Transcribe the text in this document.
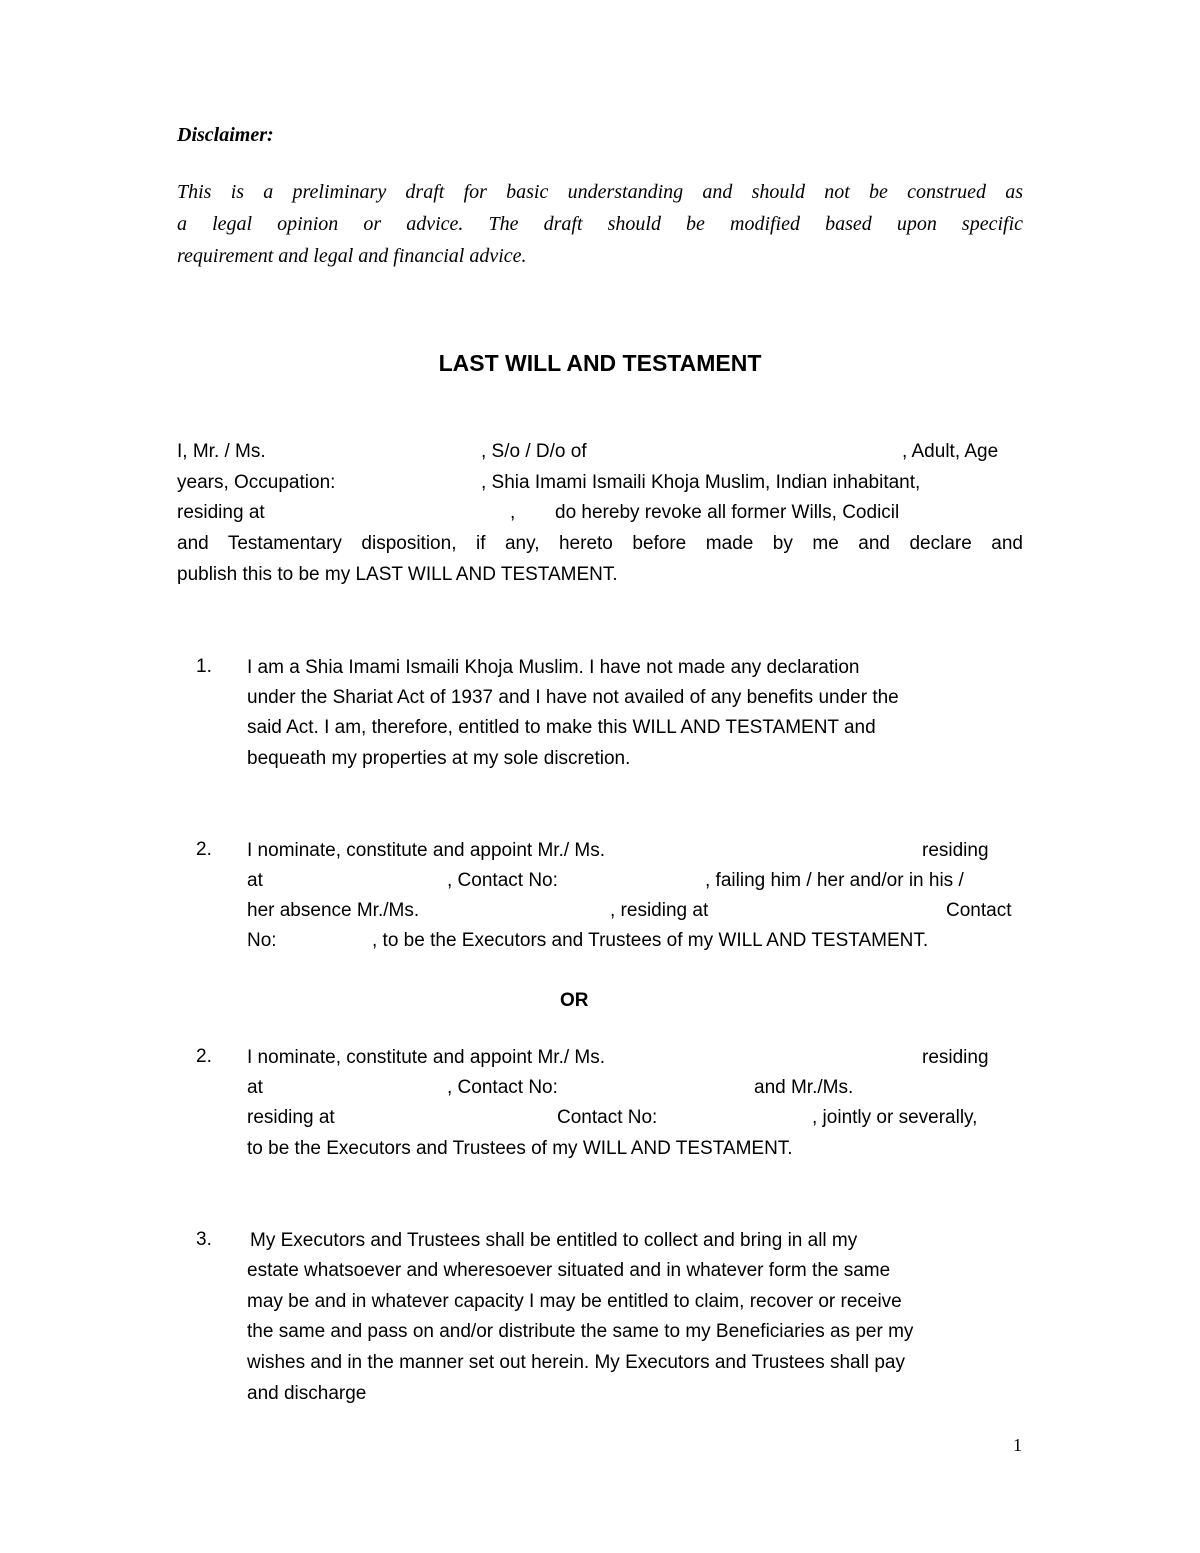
Disclaimer:
This is a preliminary draft for basic understanding and should not be construed as
a legal opinion or advice. The draft should be modified based upon specific
requirement and legal and financial advice.
LAST WILL AND TESTAMENT
I, Mr. / Ms.	, S/o / D/o of	, Adult, Age
years, Occupation:	, Shia Imami Ismaili Khoja Muslim, Indian inhabitant,
residing at	, do hereby revoke all former Wills, Codicil
and Testamentary disposition, if any, hereto before made by me and declare and
publish this to be my LAST WILL AND TESTAMENT.
1. I am a Shia Imami Ismaili Khoja Muslim. I have not made any declaration
under the Shariat Act of 1937 and I have not availed of any benefits under the
said Act. I am, therefore, entitled to make this WILL AND TESTAMENT and
bequeath my properties at my sole discretion.
2. I nominate, constitute and appoint Mr./ Ms.	residing
at	, Contact No:	, failing him / her and/or in his /
her absence Mr./Ms.	, residing at	Contact
No:	, to be the Executors and Trustees of my WILL AND TESTAMENT.
OR
2. I nominate, constitute and appoint Mr./ Ms.	residing
at	, Contact No:	and Mr./Ms.
residing at	Contact No:	, jointly or severally,
to be the Executors and Trustees of my WILL AND TESTAMENT.
3. My Executors and Trustees shall be entitled to collect and bring in all my
estate whatsoever and wheresoever situated and in whatever form the same
may be and in whatever capacity I may be entitled to claim, recover or receive
the same and pass on and/or distribute the same to my Beneficiaries as per my
wishes and in the manner set out herein. My Executors and Trustees shall pay
and discharge
1
